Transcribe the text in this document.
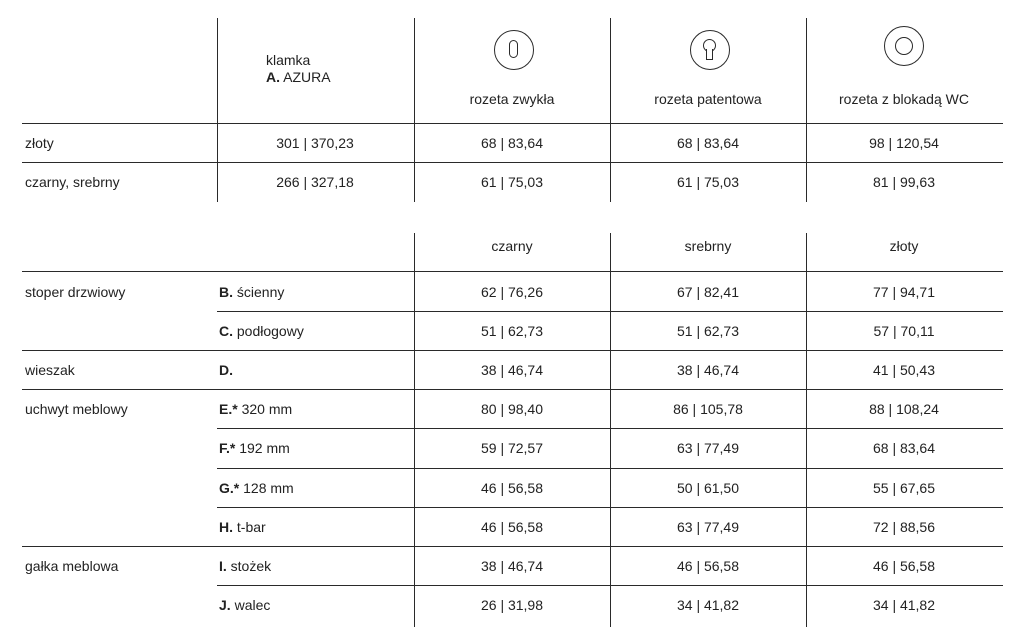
klamka
A. AZURA
rozeta zwykła	rozeta patentowa	rozeta z blokadą WC
złoty	301 | 370,23	68 | 83,64	68 | 83,64	98 | 120,54
czarny, srebrny	266 | 327,18	61 | 75,03	61 | 75,03	81 | 99,63
czarny	srebrny	złoty
stoper drzwiowy	B. ścienny	62 | 76,26	67 | 82,41	77 | 94,71
C. podłogowy	51 | 62,73	51 | 62,73	57 | 70,11
wieszak	D.	38 | 46,74	38 | 46,74	41 | 50,43
uchwyt meblowy	E.* 320 mm	80 | 98,40	86 | 105,78	88 | 108,24
F.* 192 mm	59 | 72,57	63 | 77,49	68 | 83,64
G.* 128 mm	46 | 56,58	50 | 61,50	55 | 67,65
H. t-bar	46 | 56,58	63 | 77,49	72 | 88,56
gałka meblowa	I. stożek	38 | 46,74	46 | 56,58	46 | 56,58
J. walec	26 | 31,98	34 | 41,82	34 | 41,82
